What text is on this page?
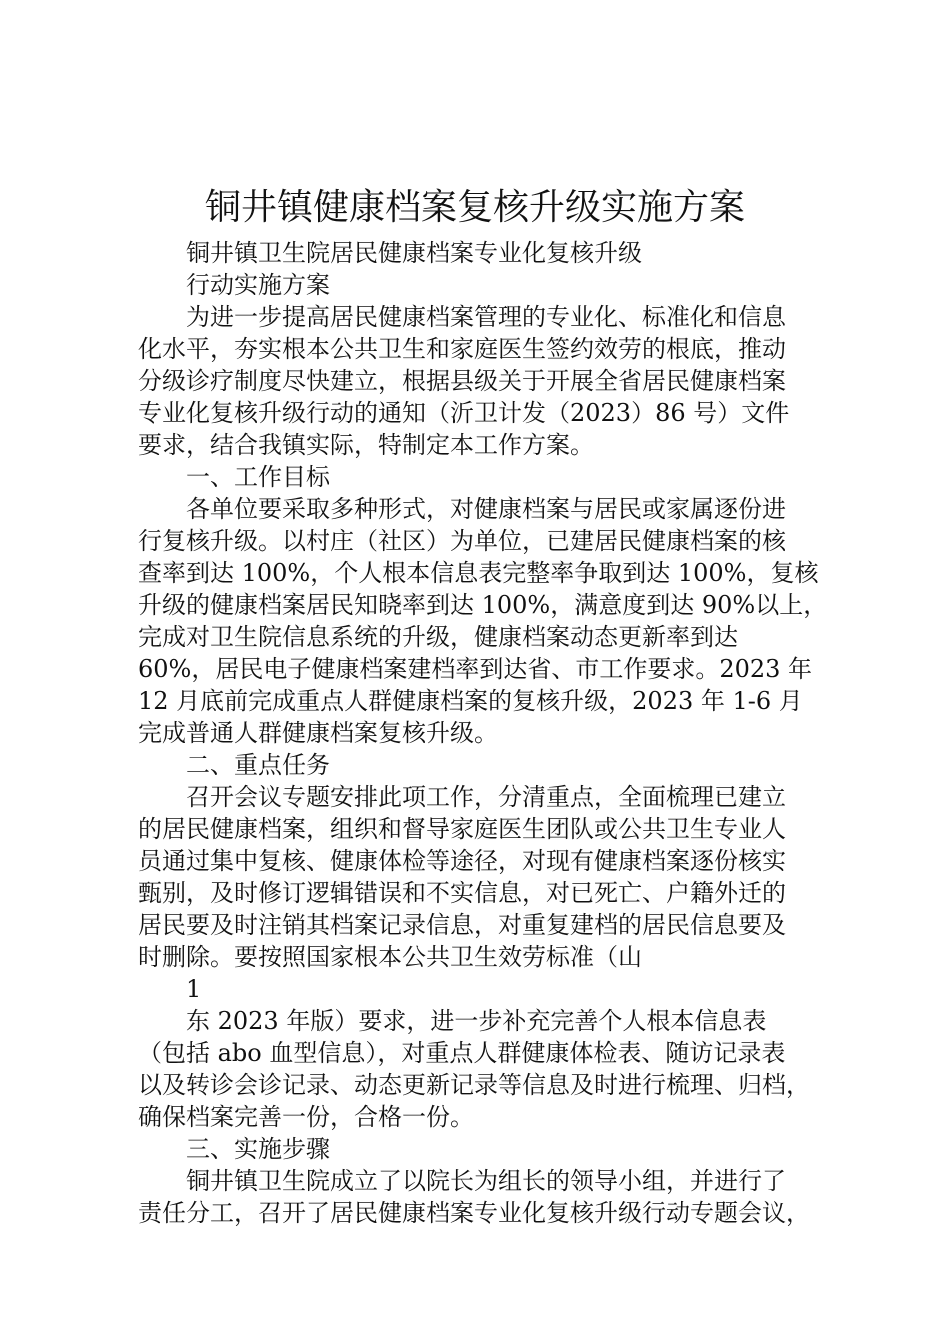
铜井镇健康档案复核升级实施方案
铜井镇卫生院居民健康档案专业化复核升级
行动实施方案
为进一步提高居民健康档案管理的专业化、标准化和信息
化水平，夯实根本公共卫生和家庭医生签约效劳的根底，推动
分级诊疗制度尽快建立，根据县级关于开展全省居民健康档案
专业化复核升级行动的通知（沂卫计发（2023）86 号）文件
要求，结合我镇实际，特制定本工作方案。
一、工作目标
各单位要采取多种形式，对健康档案与居民或家属逐份进
行复核升级。以村庄（社区）为单位，已建居民健康档案的核
查率到达 100%，个人根本信息表完整率争取到达 100%，复核
升级的健康档案居民知晓率到达 100%，满意度到达 90%以上，
完成对卫生院信息系统的升级，健康档案动态更新率到达
60%，居民电子健康档案建档率到达省、市工作要求。2023 年
12 月底前完成重点人群健康档案的复核升级，2023 年 1-6 月
完成普通人群健康档案复核升级。
二、重点任务
召开会议专题安排此项工作，分清重点，全面梳理已建立
的居民健康档案，组织和督导家庭医生团队或公共卫生专业人
员通过集中复核、健康体检等途径，对现有健康档案逐份核实
甄别，及时修订逻辑错误和不实信息，对已死亡、户籍外迁的
居民要及时注销其档案记录信息，对重复建档的居民信息要及
时删除。要按照国家根本公共卫生效劳标准（山
1
东 2023 年版）要求，进一步补充完善个人根本信息表
（包括 abo 血型信息），对重点人群健康体检表、随访记录表
以及转诊会诊记录、动态更新记录等信息及时进行梳理、归档，
确保档案完善一份，合格一份。
三、实施步骤
铜井镇卫生院成立了以院长为组长的领导小组，并进行了
责任分工，召开了居民健康档案专业化复核升级行动专题会议，
